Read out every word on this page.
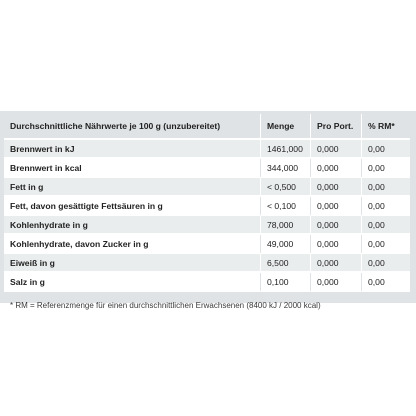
Durchschnittliche Nährwerte je 100 g (unzubereitet)	Menge	Pro Port.	% RM*
Brennwert in kJ	1461,000	0,000	0,00
Brennwert in kcal	344,000	0,000	0,00
Fett in g	< 0,500	0,000	0,00
Fett, davon gesättigte Fettsäuren in g	< 0,100	0,000	0,00
Kohlenhydrate in g	78,000	0,000	0,00
Kohlenhydrate, davon Zucker in g	49,000	0,000	0,00
Eiweiß in g	6,500	0,000	0,00
Salz in g	0,100	0,000	0,00
* RM = Referenzmenge für einen durchschnittlichen Erwachsenen (8400 kJ / 2000 kcal)
